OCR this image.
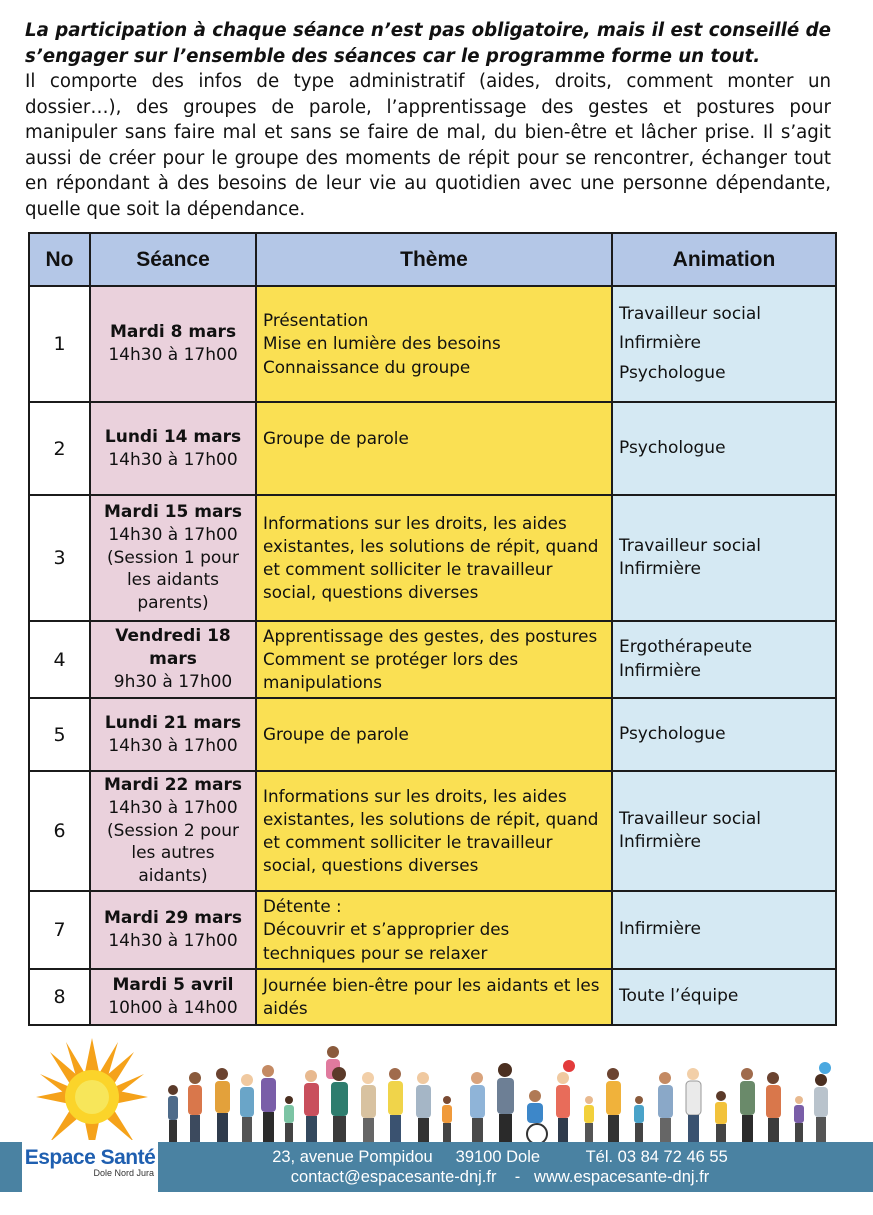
La participation à chaque séance n’est pas obligatoire, mais il est conseillé de s’engager sur l’ensemble des séances car le programme forme un tout.
Il comporte des infos de type administratif (aides, droits, comment monter un dossier…), des groupes de parole, l’apprentissage des gestes et postures pour manipuler sans faire mal et sans se faire de mal, du bien-être et lâcher prise. Il s’agit aussi de créer pour le groupe des moments de répit pour se rencontrer, échanger tout en répondant à des besoins de leur vie au quotidien avec une personne dépendante, quelle que soit la dépendance.
No	Séance	Thème	Animation
1	Mardi 8 mars
14h30 à 17h00	Présentation
Mise en lumière des besoins
Connaissance du groupe	Travailleur social
Infirmière
Psychologue

2	Lundi 14 mars
14h30 à 17h00	Groupe de parole	Psychologue

3	Mardi 15 mars
14h30 à 17h00
(Session 1 pour les aidants parents)	Informations sur les droits, les aides existantes, les solutions de répit, quand et comment solliciter le travailleur social, questions diverses	Travailleur social
Infirmière

4	Vendredi 18 mars
9h30 à 17h00	Apprentissage des gestes, des postures
Comment se protéger lors des manipulations	Ergothérapeute
Infirmière

5	Lundi 21 mars
14h30 à 17h00	Groupe de parole	Psychologue

6	Mardi 22 mars
14h30 à 17h00
(Session 2 pour les autres aidants)	Informations sur les droits, les aides existantes, les solutions de répit, quand et comment solliciter le travailleur social, questions diverses	Travailleur social
Infirmière

7	Mardi 29 mars
14h30 à 17h00	Détente :
Découvrir et s’approprier des techniques pour se relaxer	Infirmière

8	Mardi 5 avril
10h00 à 14h00	Journée bien-être pour les aidants et les aidés	Toute l’équipe
Espace Santé
Dole Nord Jura
23, avenue Pompidou     39100 Dole          Tél. 03 84 72 46 55
contact@espacesante-dnj.fr    -   www.espacesante-dnj.fr
